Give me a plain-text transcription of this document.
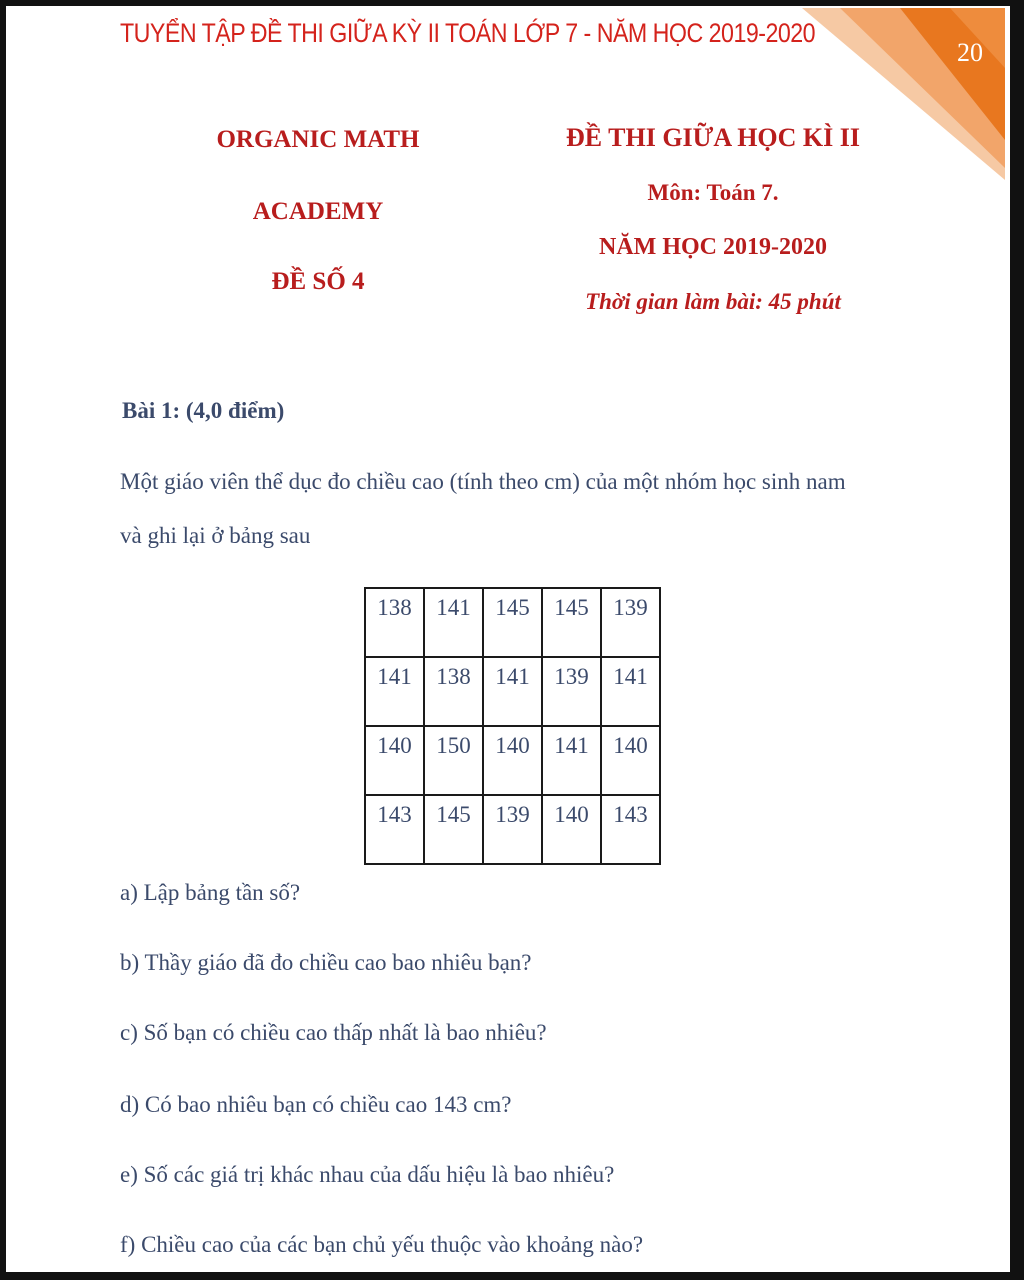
TUYỂN TẬP ĐỀ THI GIỮA KỲ II TOÁN LỚP 7 - NĂM HỌC 2019-2020
20
ORGANIC MATH
ACADEMY
ĐỀ SỐ 4
ĐỀ THI GIỮA HỌC KÌ II
Môn: Toán 7.
NĂM HỌC 2019-2020
Thời gian làm bài: 45 phút
Bài 1: (4,0 điểm)
Một giáo viên thể dục đo chiều cao (tính theo cm) của một nhóm học sinh nam
và ghi lại ở bảng sau
138	141	145	145	139
141	138	141	139	141
140	150	140	141	140
143	145	139	140	143
a) Lập bảng tần số?
b) Thầy giáo đã đo chiều cao bao nhiêu bạn?
c) Số bạn có chiều cao thấp nhất là bao nhiêu?
d) Có bao nhiêu bạn có chiều cao 143 cm?
e) Số các giá trị khác nhau của dấu hiệu là bao nhiêu?
f) Chiều cao của các bạn chủ yếu thuộc vào khoảng nào?
